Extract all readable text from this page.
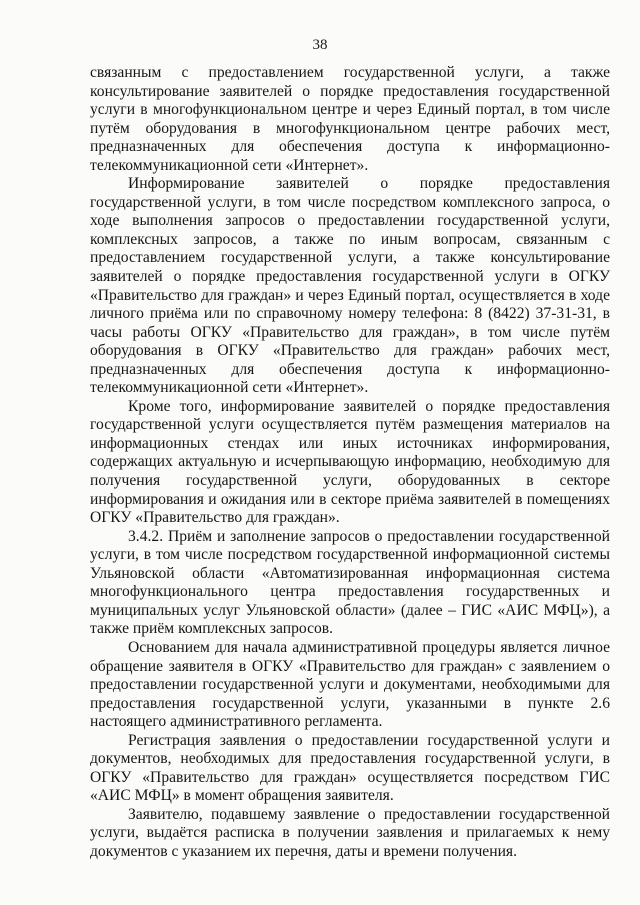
38

связанным с предоставлением государственной услуги, а также консультирование заявителей о порядке предоставления государственной услуги в многофункциональном центре и через Единый портал, в том числе путём оборудования в многофункциональном центре рабочих мест, предназначенных для обеспечения доступа к информационно-телекоммуникационной сети «Интернет».

Информирование заявителей о порядке предоставления государственной услуги, в том числе посредством комплексного запроса, о ходе выполнения запросов о предоставлении государственной услуги, комплексных запросов, а также по иным вопросам, связанным с предоставлением государственной услуги, а также консультирование заявителей о порядке предоставления государственной услуги в ОГКУ «Правительство для граждан» и через Единый портал, осуществляется в ходе личного приёма или по справочному номеру телефона: 8 (8422) 37-31-31, в часы работы ОГКУ «Правительство для граждан», в том числе путём оборудования в ОГКУ «Правительство для граждан» рабочих мест, предназначенных для обеспечения доступа к информационно-телекоммуникационной сети «Интернет».

Кроме того, информирование заявителей о порядке предоставления государственной услуги осуществляется путём размещения материалов на информационных стендах или иных источниках информирования, содержащих актуальную и исчерпывающую информацию, необходимую для получения государственной услуги, оборудованных в секторе информирования и ожидания или в секторе приёма заявителей в помещениях ОГКУ «Правительство для граждан».

3.4.2. Приём и заполнение запросов о предоставлении государственной услуги, в том числе посредством государственной информационной системы Ульяновской области «Автоматизированная информационная система многофункционального центра предоставления государственных и муниципальных услуг Ульяновской области» (далее – ГИС «АИС МФЦ»), а также приём комплексных запросов.

Основанием для начала административной процедуры является личное обращение заявителя в ОГКУ «Правительство для граждан» с заявлением о предоставлении государственной услуги и документами, необходимыми для предоставления государственной услуги, указанными в пункте 2.6 настоящего административного регламента.

Регистрация заявления о предоставлении государственной услуги и документов, необходимых для предоставления государственной услуги, в ОГКУ «Правительство для граждан» осуществляется посредством ГИС «АИС МФЦ» в момент обращения заявителя.

Заявителю, подавшему заявление о предоставлении государственной услуги, выдаётся расписка в получении заявления и прилагаемых к нему документов с указанием их перечня, даты и времени получения.
